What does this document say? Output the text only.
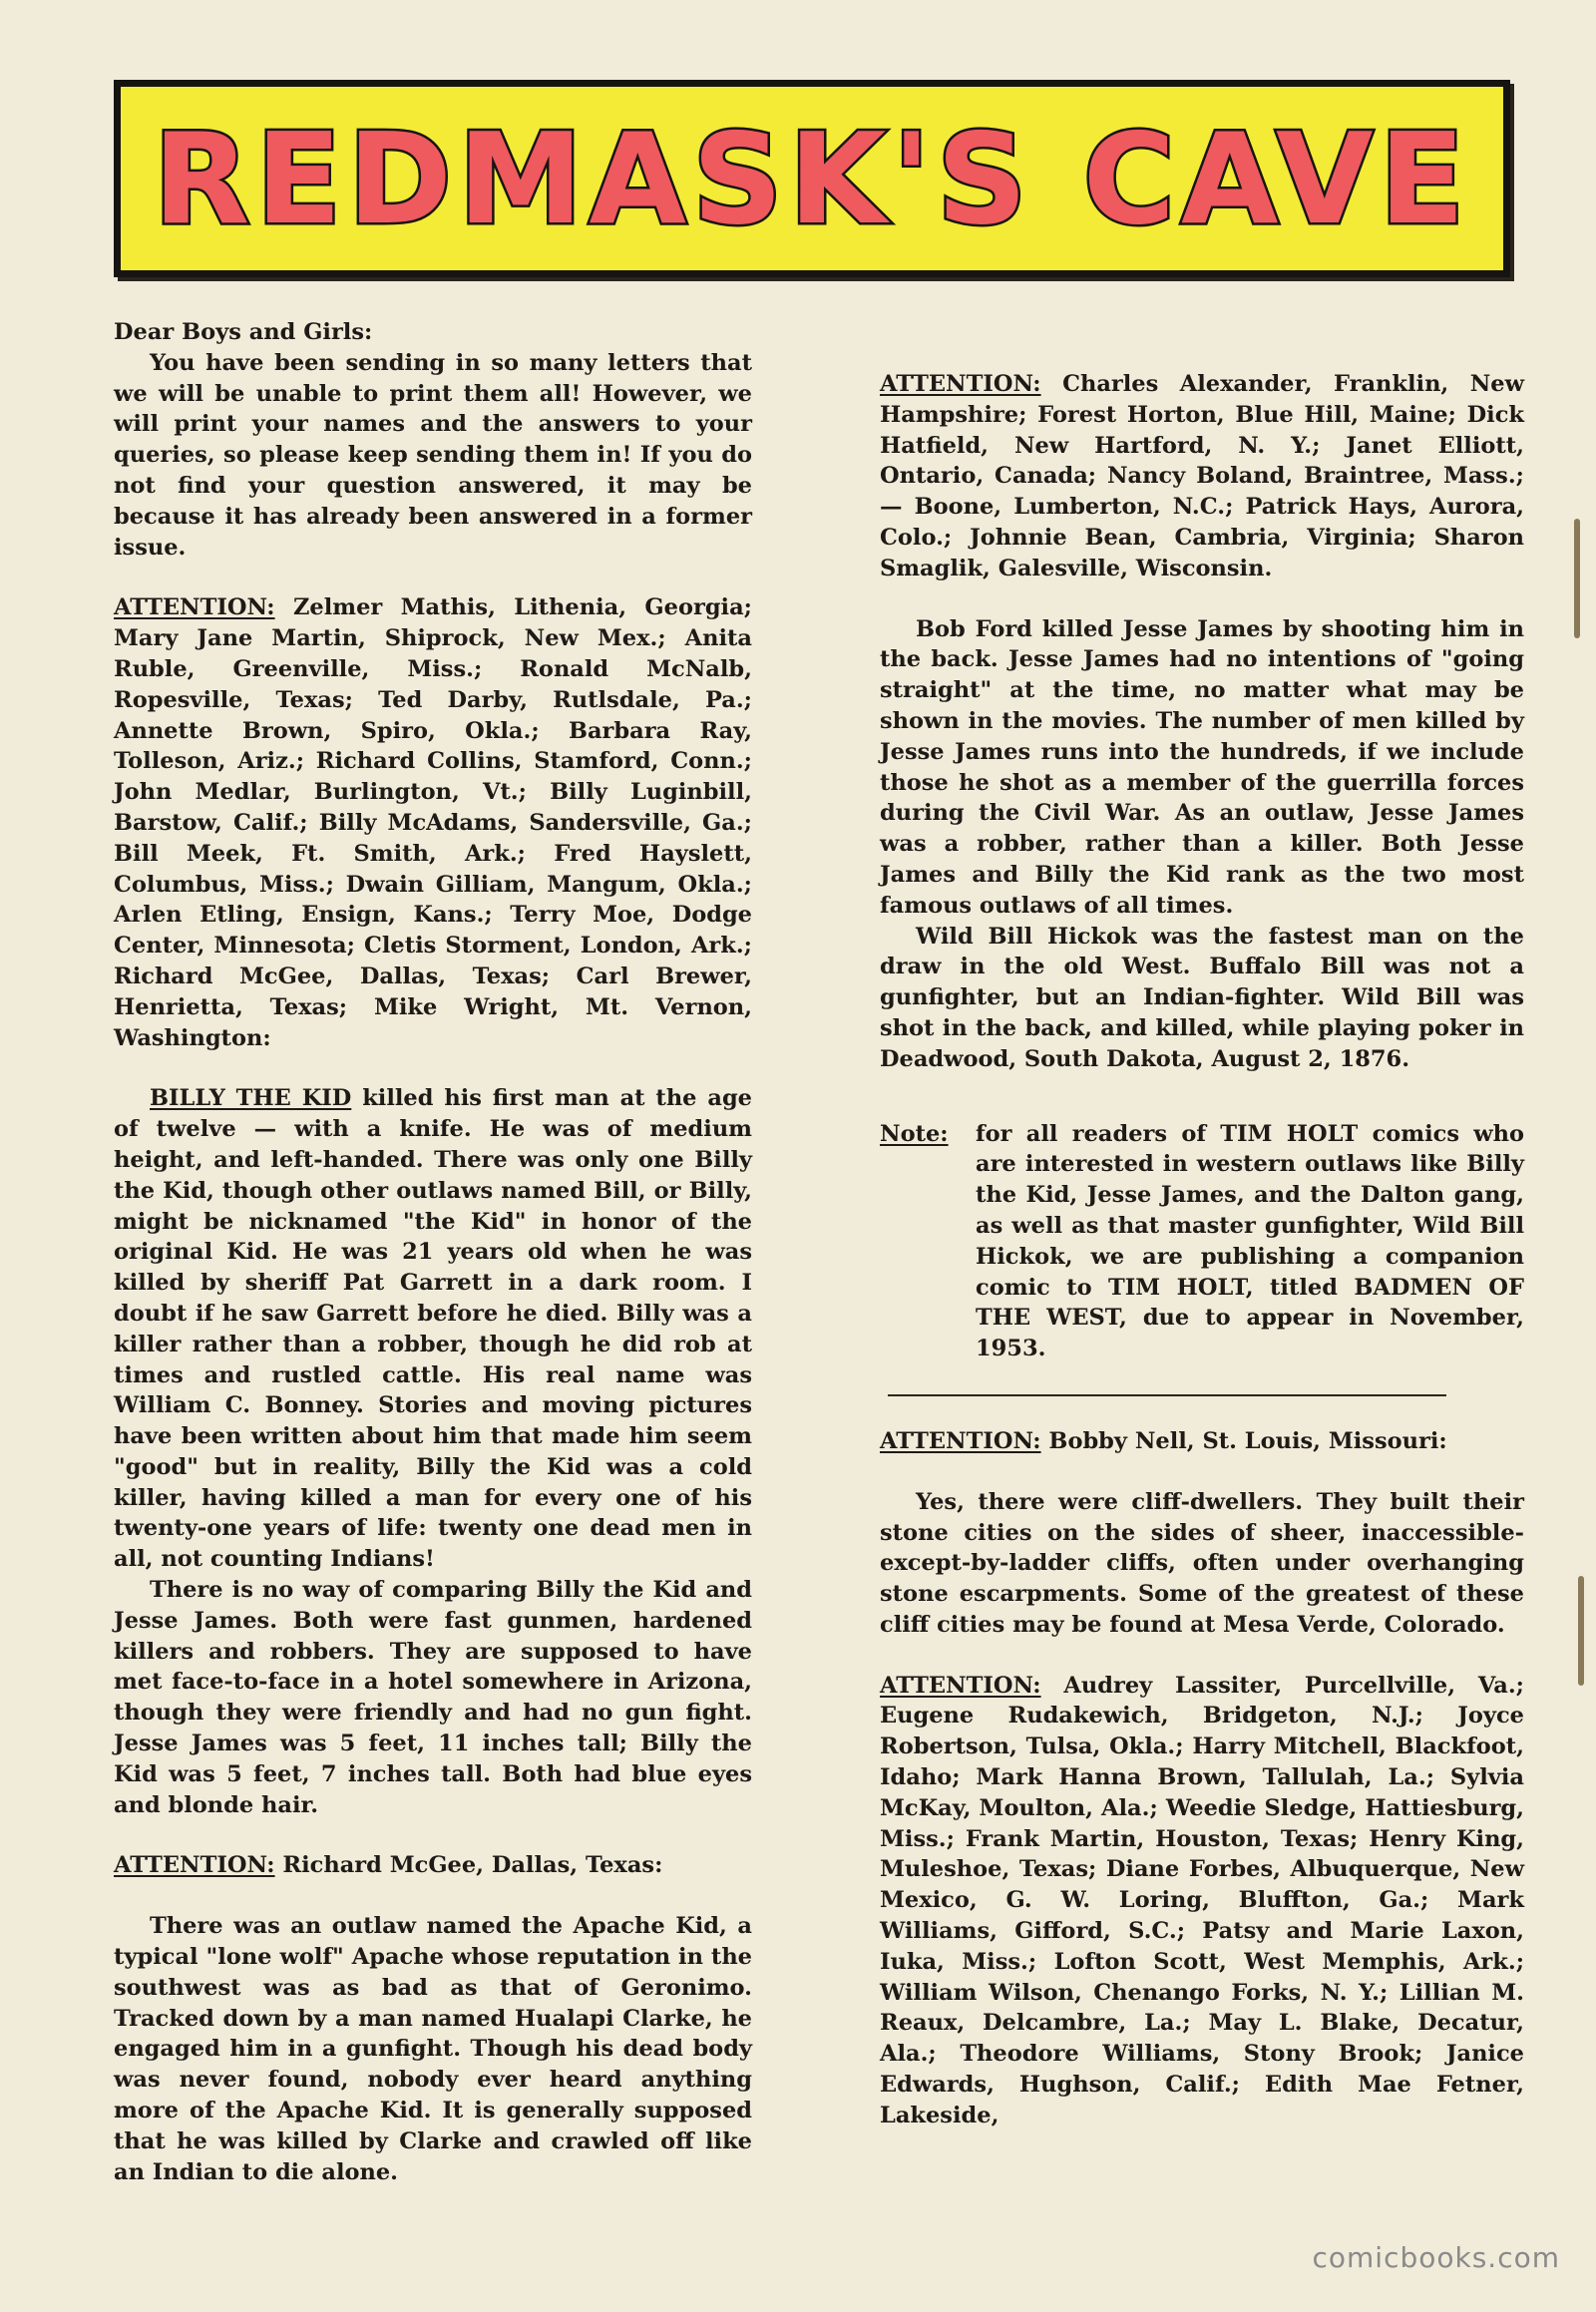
REDMASK'S CAVE

Dear Boys and Girls:

You have been sending in so many letters that we will be unable to print them all! However, we will print your names and the answers to your queries, so please keep sending them in! If you do not find your question answered, it may be because it has already been answered in a former issue.

ATTENTION: Zelmer Mathis, Lithenia, Georgia; Mary Jane Martin, Shiprock, New Mex.; Anita Ruble, Greenville, Miss.; Ronald McNalb, Ropesville, Texas; Ted Darby, Rutlsdale, Pa.; Annette Brown, Spiro, Okla.; Barbara Ray, Tolleson, Ariz.; Richard Collins, Stamford, Conn.; John Medlar, Burlington, Vt.; Billy Luginbill, Barstow, Calif.; Billy McAdams, Sandersville, Ga.; Bill Meek, Ft. Smith, Ark.; Fred Hayslett, Columbus, Miss.; Dwain Gilliam, Mangum, Okla.; Arlen Etling, Ensign, Kans.; Terry Moe, Dodge Center, Minnesota; Cletis Storment, London, Ark.; Richard McGee, Dallas, Texas; Carl Brewer, Henrietta, Texas; Mike Wright, Mt. Vernon, Washington:

BILLY THE KID killed his first man at the age of twelve — with a knife. He was of medium height, and left-handed. There was only one Billy the Kid, though other outlaws named Bill, or Billy, might be nicknamed "the Kid" in honor of the original Kid. He was 21 years old when he was killed by sheriff Pat Garrett in a dark room. I doubt if he saw Garrett before he died. Billy was a killer rather than a robber, though he did rob at times and rustled cattle. His real name was William C. Bonney. Stories and moving pictures have been written about him that made him seem "good" but in reality, Billy the Kid was a cold killer, having killed a man for every one of his twenty-one years of life: twenty one dead men in all, not counting Indians!

There is no way of comparing Billy the Kid and Jesse James. Both were fast gunmen, hardened killers and robbers. They are supposed to have met face-to-face in a hotel somewhere in Arizona, though they were friendly and had no gun fight. Jesse James was 5 feet, 11 inches tall; Billy the Kid was 5 feet, 7 inches tall. Both had blue eyes and blonde hair.

ATTENTION: Richard McGee, Dallas, Texas:

There was an outlaw named the Apache Kid, a typical "lone wolf" Apache whose reputation in the southwest was as bad as that of Geronimo. Tracked down by a man named Hualapi Clarke, he engaged him in a gunfight. Though his dead body was never found, nobody ever heard anything more of the Apache Kid. It is generally supposed that he was killed by Clarke and crawled off like an Indian to die alone.

ATTENTION: Charles Alexander, Franklin, New Hampshire; Forest Horton, Blue Hill, Maine; Dick Hatfield, New Hartford, N. Y.; Janet Elliott, Ontario, Canada; Nancy Boland, Braintree, Mass.; — Boone, Lumberton, N.C.; Patrick Hays, Aurora, Colo.; Johnnie Bean, Cambria, Virginia; Sharon Smaglik, Galesville, Wisconsin.

Bob Ford killed Jesse James by shooting him in the back. Jesse James had no intentions of "going straight" at the time, no matter what may be shown in the movies. The number of men killed by Jesse James runs into the hundreds, if we include those he shot as a member of the guerrilla forces during the Civil War. As an outlaw, Jesse James was a robber, rather than a killer. Both Jesse James and Billy the Kid rank as the two most famous outlaws of all times.

Wild Bill Hickok was the fastest man on the draw in the old West. Buffalo Bill was not a gunfighter, but an Indian-fighter. Wild Bill was shot in the back, and killed, while playing poker in Deadwood, South Dakota, August 2, 1876.

Note:	for all readers of TIM HOLT comics who are interested in western outlaws like Billy the Kid, Jesse James, and the Dalton gang, as well as that master gunfighter, Wild Bill Hickok, we are publishing a companion comic to TIM HOLT, titled BADMEN OF THE WEST, due to appear in November, 1953.

ATTENTION: Bobby Nell, St. Louis, Missouri:

Yes, there were cliff-dwellers. They built their stone cities on the sides of sheer, inaccessible-except-by-ladder cliffs, often under overhanging stone escarpments. Some of the greatest of these cliff cities may be found at Mesa Verde, Colorado.

ATTENTION: Audrey Lassiter, Purcellville, Va.; Eugene Rudakewich, Bridgeton, N.J.; Joyce Robertson, Tulsa, Okla.; Harry Mitchell, Blackfoot, Idaho; Mark Hanna Brown, Tallulah, La.; Sylvia McKay, Moulton, Ala.; Weedie Sledge, Hattiesburg, Miss.; Frank Martin, Houston, Texas; Henry King, Muleshoe, Texas; Diane Forbes, Albuquerque, New Mexico, G. W. Loring, Bluffton, Ga.; Mark Williams, Gifford, S.C.; Patsy and Marie Laxon, Iuka, Miss.; Lofton Scott, West Memphis, Ark.; William Wilson, Chenango Forks, N. Y.; Lillian M. Reaux, Delcambre, La.; May L. Blake, Decatur, Ala.; Theodore Williams, Stony Brook; Janice Edwards, Hughson, Calif.; Edith Mae Fetner, Lakeside,

comicbooks.com
